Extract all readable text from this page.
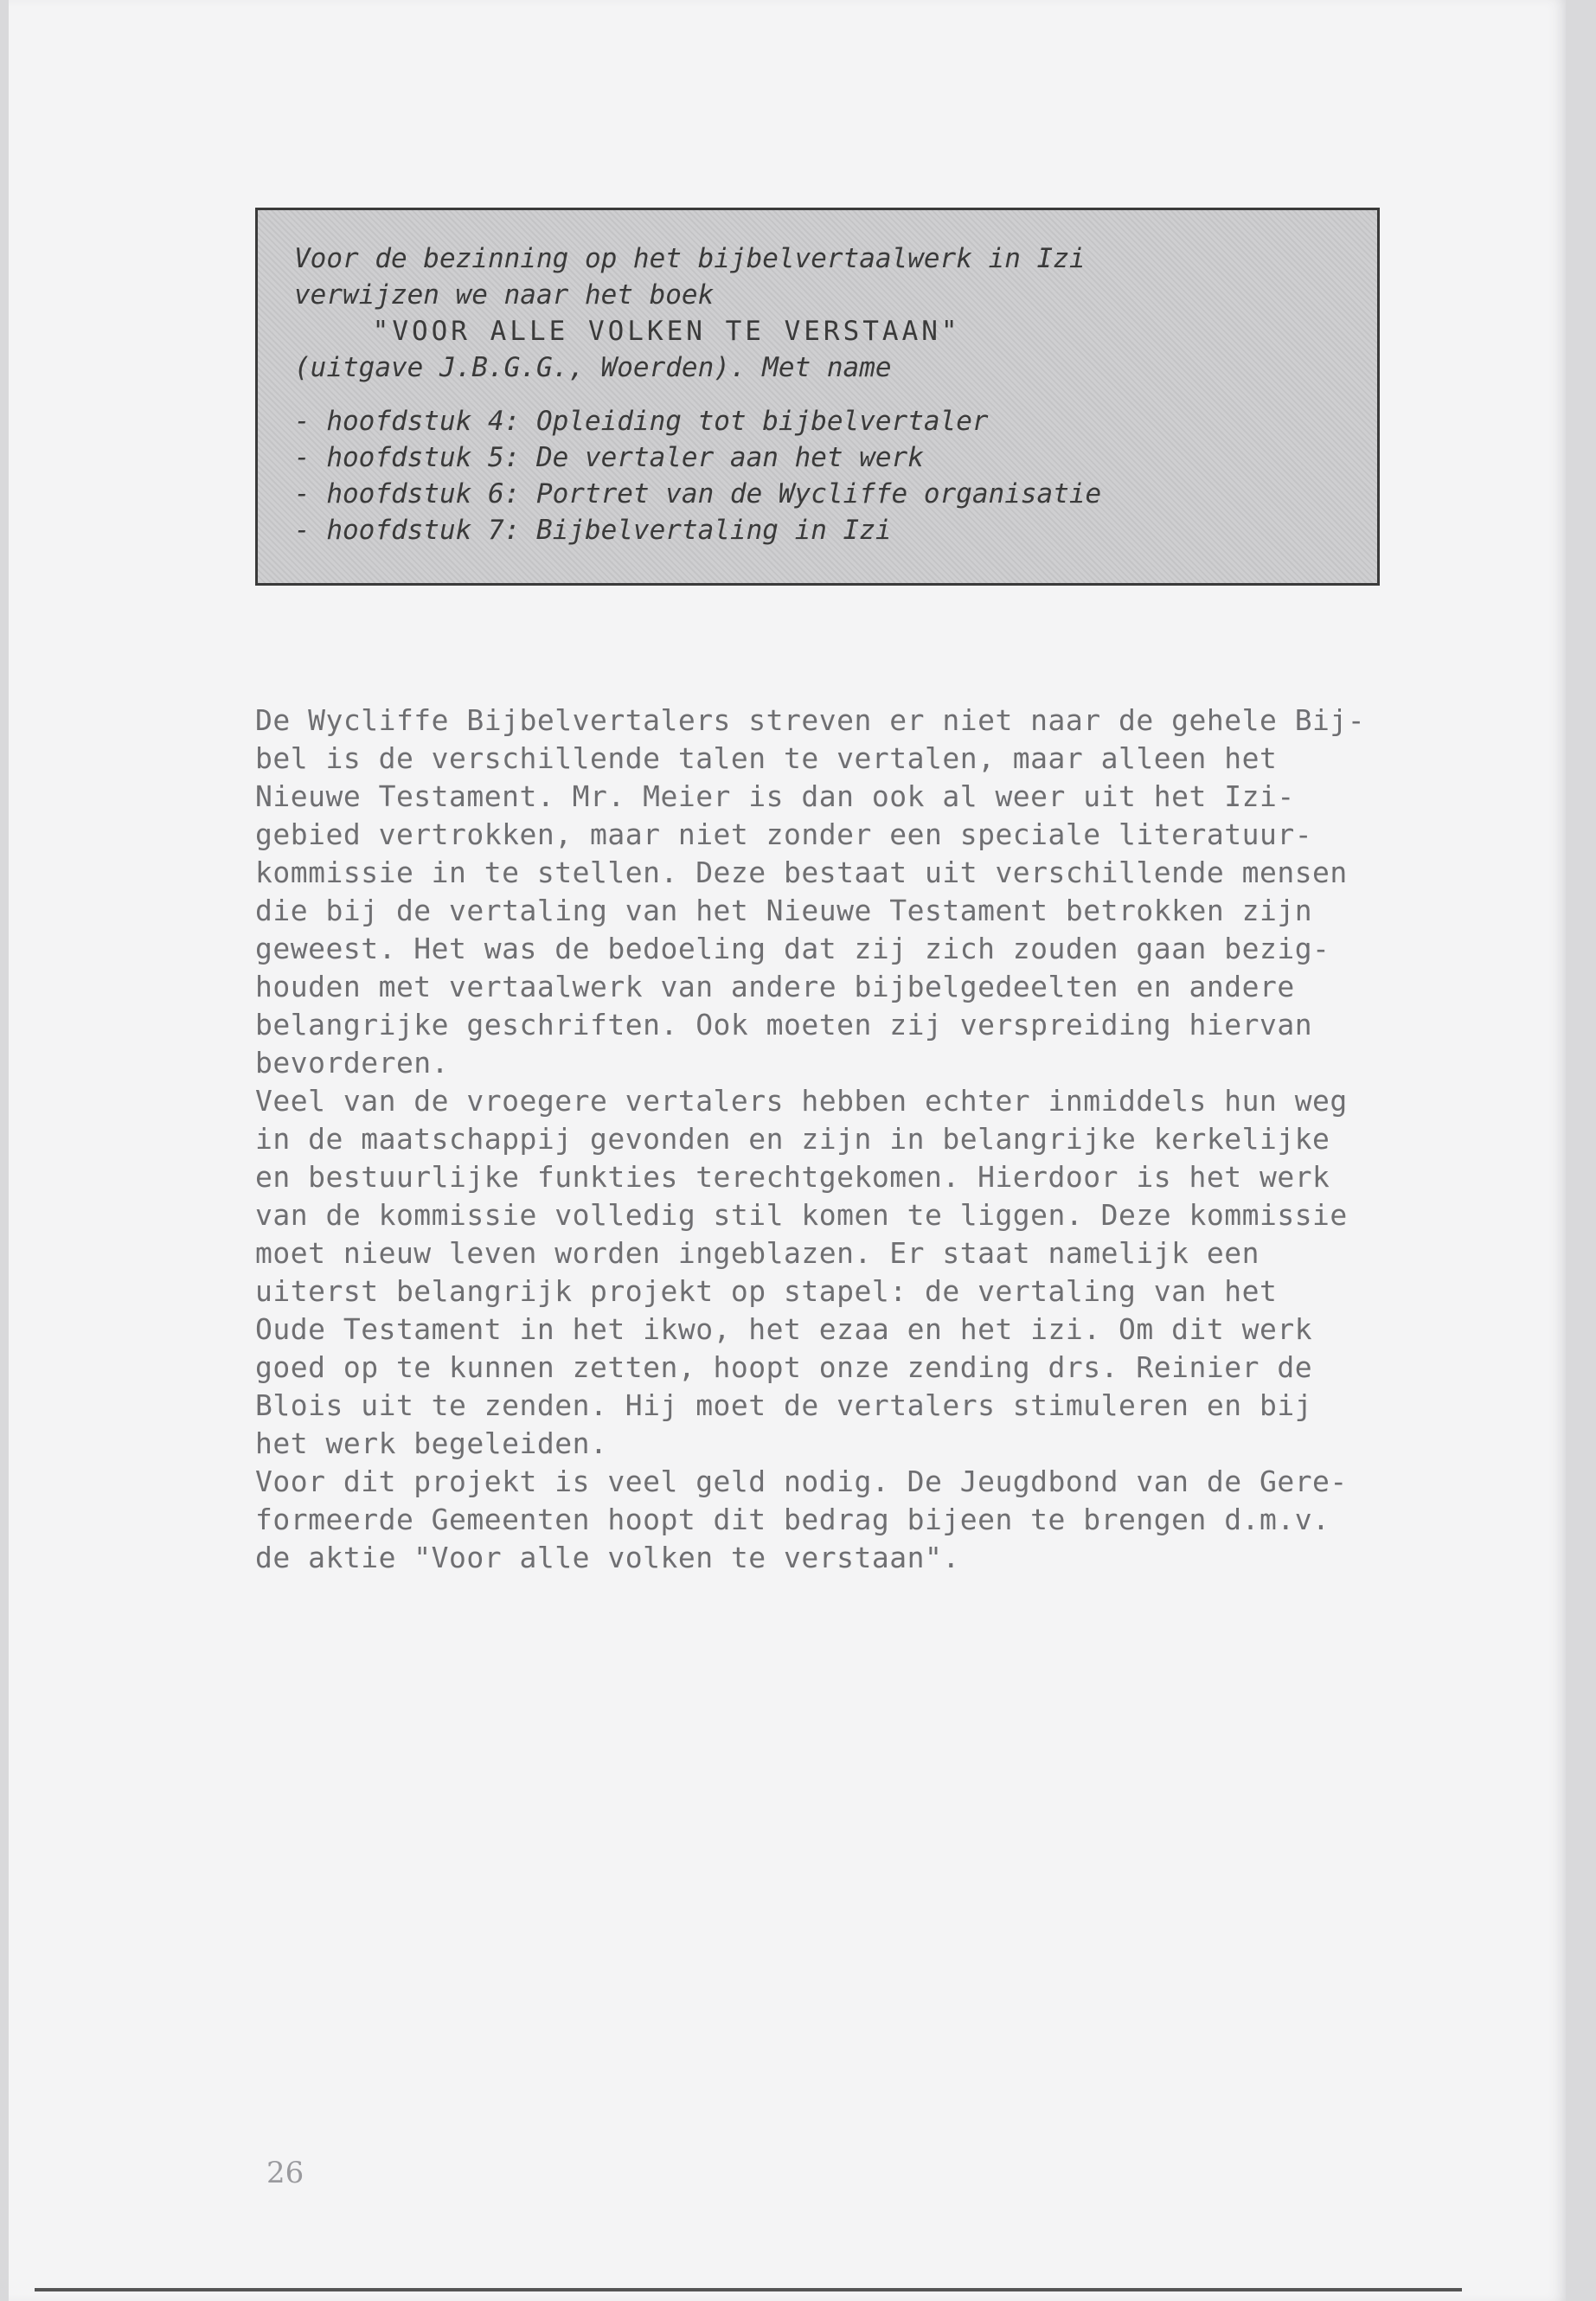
Voor de bezinning op het bijbelvertaalwerk in Izi
verwijzen we naar het boek
"VOOR ALLE VOLKEN TE VERSTAAN"
(uitgave J.B.G.G., Woerden). Met name
- hoofdstuk 4: Opleiding tot bijbelvertaler
- hoofdstuk 5: De vertaler aan het werk
- hoofdstuk 6: Portret van de Wycliffe organisatie
- hoofdstuk 7: Bijbelvertaling in Izi
De Wycliffe Bijbelvertalers streven er niet naar de gehele Bij-
bel is de verschillende talen te vertalen, maar alleen het
Nieuwe Testament. Mr. Meier is dan ook al weer uit het Izi-
gebied vertrokken, maar niet zonder een speciale literatuur-
kommissie in te stellen. Deze bestaat uit verschillende mensen
die bij de vertaling van het Nieuwe Testament betrokken zijn
geweest. Het was de bedoeling dat zij zich zouden gaan bezig-
houden met vertaalwerk van andere bijbelgedeelten en andere
belangrijke geschriften. Ook moeten zij verspreiding hiervan
bevorderen.
Veel van de vroegere vertalers hebben echter inmiddels hun weg
in de maatschappij gevonden en zijn in belangrijke kerkelijke
en bestuurlijke funkties terechtgekomen. Hierdoor is het werk
van de kommissie volledig stil komen te liggen. Deze kommissie
moet nieuw leven worden ingeblazen. Er staat namelijk een
uiterst belangrijk projekt op stapel: de vertaling van het
Oude Testament in het ikwo, het ezaa en het izi. Om dit werk
goed op te kunnen zetten, hoopt onze zending drs. Reinier de
Blois uit te zenden. Hij moet de vertalers stimuleren en bij
het werk begeleiden.
Voor dit projekt is veel geld nodig. De Jeugdbond van de Gere-
formeerde Gemeenten hoopt dit bedrag bijeen te brengen d.m.v.
de aktie "Voor alle volken te verstaan".
26
